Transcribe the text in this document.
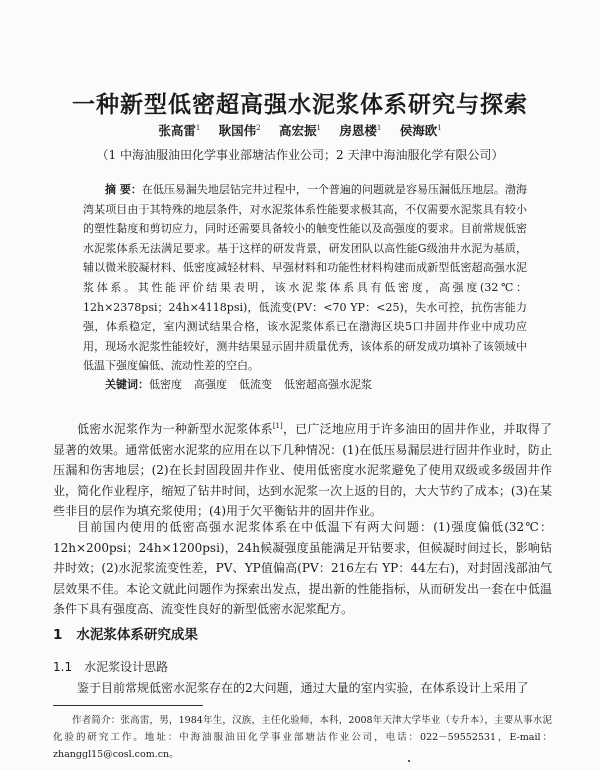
一种新型低密超高强水泥浆体系研究与探索
张高雷$^1$ 耿国伟$^2$ 高宏振$^1$ 房恩楼$^1$ 侯海欧$^1$
（1 中海油服油田化学事业部塘沽作业公司；2 天津中海油服化学有限公司）
摘 要：在低压易漏失地层钻完井过程中，一个普遍的问题就是容易压漏低压地层。渤海湾某项目由于其特殊的地层条件，对水泥浆体系性能要求极其高，不仅需要水泥浆具有较小的塑性黏度和剪切应力，同时还需要具备较小的触变性能以及高强度的要求。目前常规低密水泥浆体系无法满足要求。基于这样的研发背景，研发团队以高性能G级油井水泥为基质，辅以微米胶凝材料、低密度减轻材料、早强材料和功能性材料构建而成新型低密超高强水泥浆体系。其性能评价结果表明，该水泥浆体系具有低密度，高强度(32℃：12h×2378psi；24h×4118psi)，低流变(PV：<70 YP：<25)，失水可控，抗伤害能力强，体系稳定，室内测试结果合格，该水泥浆体系已在渤海区块5口井固井作业中成功应用，现场水泥浆性能较好，测井结果显示固井质量优秀，该体系的研发成功填补了该领域中低温下强度偏低、流动性差的空白。
关键词：低密度 高强度 低流变 低密超高强水泥浆
低密水泥浆作为一种新型水泥浆体系[1]，已广泛地应用于许多油田的固井作业，并取得了显著的效果。通常低密水泥浆的应用在以下几种情况：(1)在低压易漏层进行固井作业时，防止压漏和伤害地层；(2)在长封固段固井作业、使用低密度水泥浆避免了使用双级或多级固井作业，简化作业程序，缩短了钻井时间，达到水泥浆一次上返的目的，大大节约了成本；(3)在某些非目的层作为填充浆使用；(4)用于欠平衡钻井的固井作业。
目前国内使用的低密高强水泥浆体系在中低温下有两大问题：(1)强度偏低(32℃：12h×200psi；24h×1200psi)，24h候凝强度虽能满足开钻要求，但候凝时间过长，影响钻井时效；(2)水泥浆流变性差，PV、YP值偏高(PV：216左右 YP：44左右)，对封固浅部油气层效果不佳。本论文就此问题作为探索出发点，提出新的性能指标，从而研发出一套在中低温条件下具有强度高、流变性良好的新型低密水泥浆配方。
1 水泥浆体系研究成果
1.1 水泥浆设计思路
鉴于目前常规低密水泥浆存在的2大问题，通过大量的室内实验，在体系设计上采用了
作者简介：张高雷，男，1984年生，汉族，主任化验师，本科，2008年天津大学毕业（专升本），主要从事水泥化验的研究工作。地址：中海油服油田化学事业部塘沽作业公司，电话：022－59552531，E-mail：zhanggl15@cosl.com.cn。
